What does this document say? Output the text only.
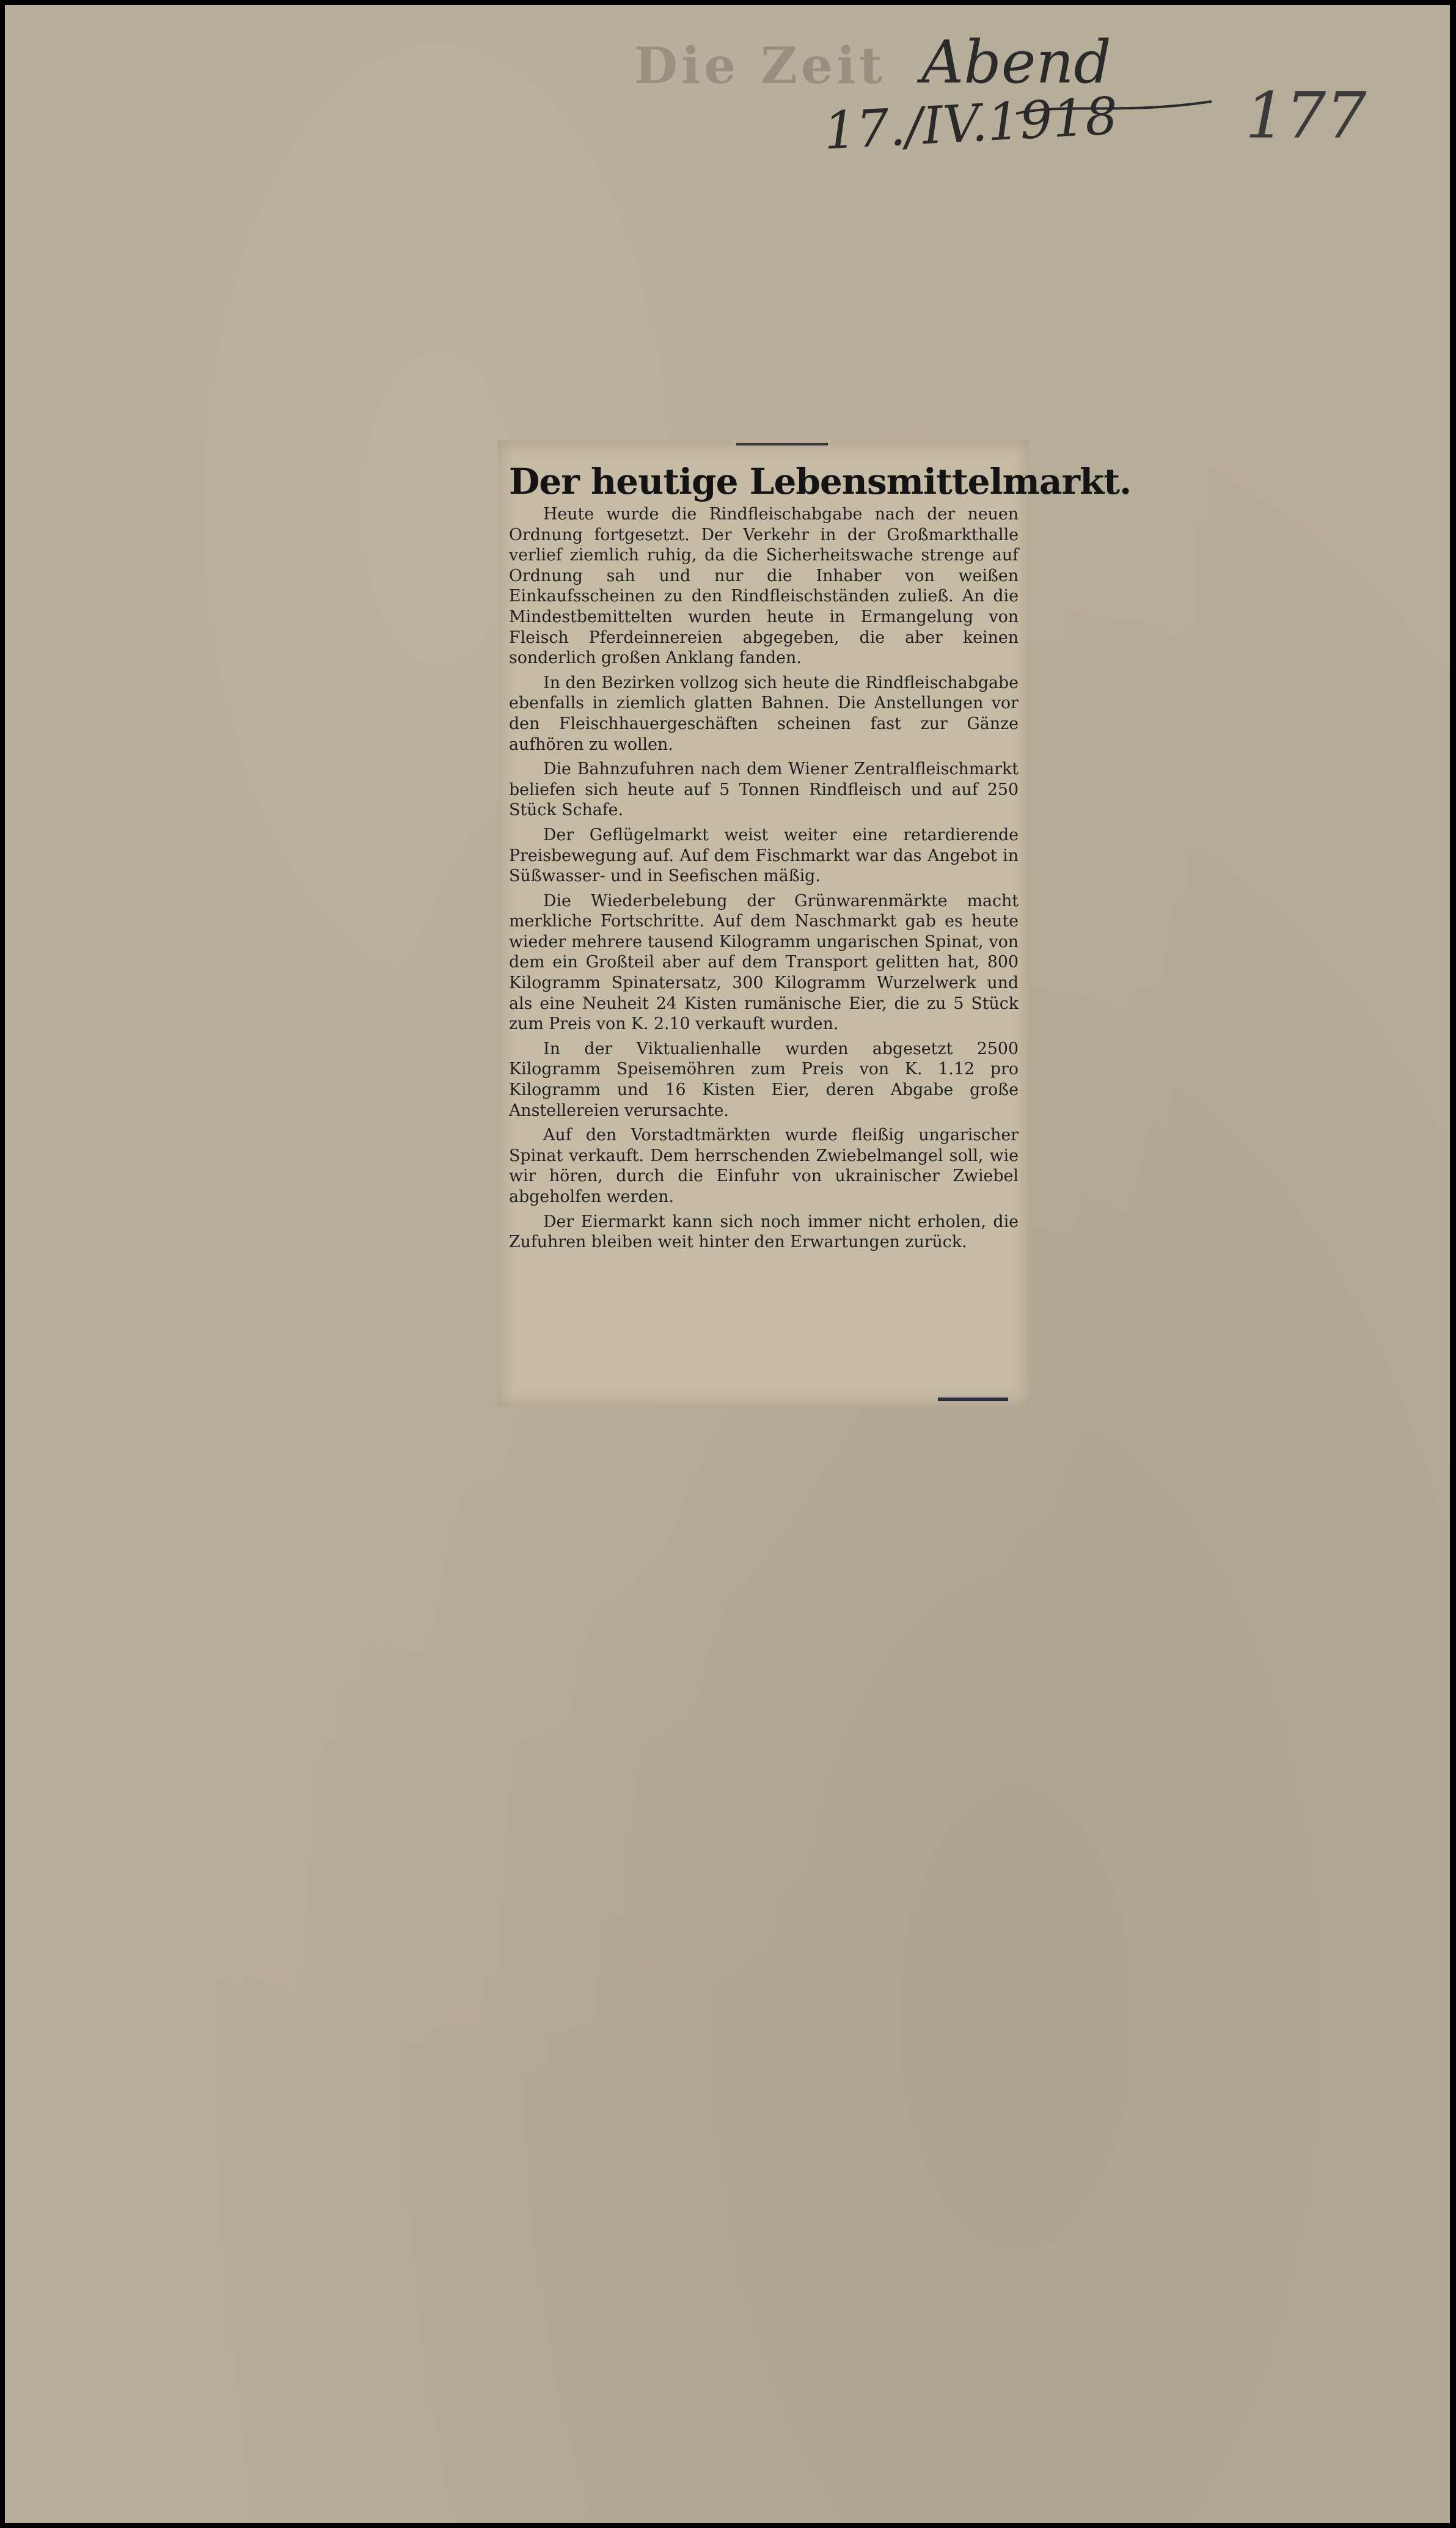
Die Zeit Abend
17./IV.1918 177
Der heutige Lebensmittelmarkt.

Heute wurde die Rindfleischabgabe nach der neuen Ordnung fortgesetzt. Der Verkehr in der Großmarkthalle verlief ziemlich ruhig, da die Sicherheitswache strenge auf Ordnung sah und nur die Inhaber von weißen Einkaufsscheinen zu den Rindfleischständen zuließ. An die Mindestbemittelten wurden heute in Ermangelung von Fleisch Pferdeinnereien abgegeben, die aber keinen sonderlich großen Anklang fanden.

In den Bezirken vollzog sich heute die Rindfleischabgabe ebenfalls in ziemlich glatten Bahnen. Die Anstellungen vor den Fleischhauergeschäften scheinen fast zur Gänze aufhören zu wollen.

Die Bahnzufuhren nach dem Wiener Zentralfleischmarkt beliefen sich heute auf 5 Tonnen Rindfleisch und auf 250 Stück Schafe.

Der Geflügelmarkt weist weiter eine retardierende Preisbewegung auf. Auf dem Fischmarkt war das Angebot in Süßwasser- und in Seefischen mäßig.

Die Wiederbelebung der Grünwarenmärkte macht merkliche Fortschritte. Auf dem Naschmarkt gab es heute wieder mehrere tausend Kilogramm ungarischen Spinat, von dem ein Großteil aber auf dem Transport gelitten hat, 800 Kilogramm Spinatersatz, 300 Kilogramm Wurzelwerk und als eine Neuheit 24 Kisten rumänische Eier, die zu 5 Stück zum Preis von K. 2.10 verkauft wurden.

In der Viktualienhalle wurden abgesetzt 2500 Kilogramm Speisemöhren zum Preis von K. 1.12 pro Kilogramm und 16 Kisten Eier, deren Abgabe große Anstellereien verursachte.

Auf den Vorstadtmärkten wurde fleißig ungarischer Spinat verkauft. Dem herrschenden Zwiebelmangel soll, wie wir hören, durch die Einfuhr von ukrainischer Zwiebel abgeholfen werden.

Der Eiermarkt kann sich noch immer nicht erholen, die Zufuhren bleiben weit hinter den Erwartungen zurück.
